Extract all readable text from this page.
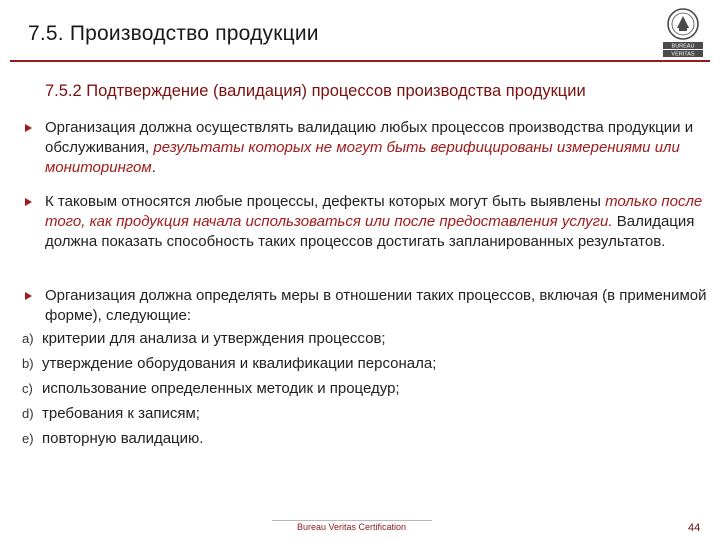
7.5. Производство продукции
BUREAU
VERITAS
7.5.2 Подтверждение (валидация) процессов производства продукции
Организация должна осуществлять валидацию любых процессов производства продукции и обслуживания, результаты которых не могут быть верифицированы измерениями или мониторингом.
К таковым относятся любые процессы, дефекты которых могут быть выявлены только после того, как продукция начала использоваться или после предоставления услуги. Валидация должна показать способность таких процессов достигать запланированных результатов.
Организация должна определять меры в отношении таких процессов, включая (в применимой форме), следующие:
a) критерии для анализа и утверждения процессов;
b) утверждение оборудования и квалификации персонала;
c) использование определенных методик и процедур;
d) требования к записям;
e) повторную валидацию.
Bureau Veritas Certification	44
